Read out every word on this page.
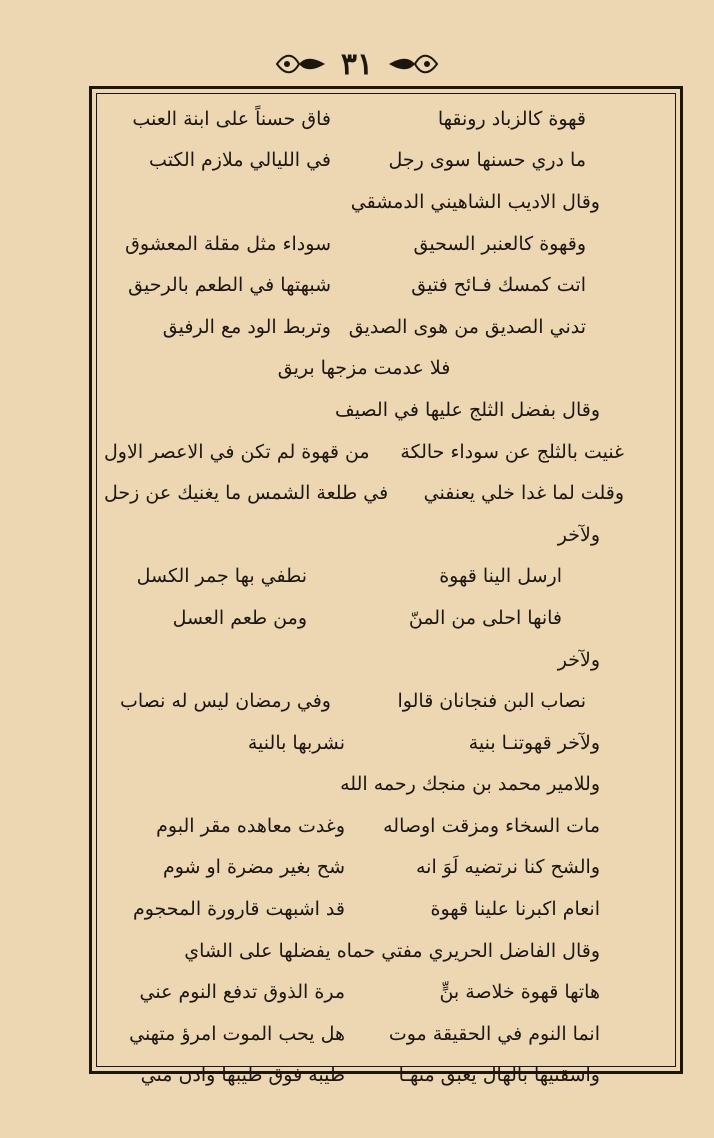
٣١
قهوة كالزباد رونقها
فاق حسناً على ابنة العنب
ما دري حسنها سوى رجل
في الليالي ملازم الكتب
وقال الاديب الشاهيني الدمشقي
وقهوة كالعنبر السحيق
سوداء مثل مقلة المعشوق
اتت كمسك فـائح فتيق
شبهتها في الطعم بالرحيق
تدني الصديق من هوى الصديق
وتربط الود مع الرفيق
فلا عدمت مزجها بريق
وقال بفضل الثلج عليها في الصيف
غنيت بالثلج عن سوداء حالكة
من قهوة لم تكن في الاعصر الاول
وقلت لما غدا خلي يعنفني
في طلعة الشمس ما يغنيك عن زحل
ولآخر
ارسل الينا قهوة
نطفي بها جمر الكسل
فانها احلى من المنّ
ومن طعم العسل
ولآخر
نصاب البن فنجانان قالوا
وفي رمضان ليس له نصاب
ولآخر قهوتنـا بنية
نشربها بالنية
وللامير محمد بن منجك رحمه الله
مات السخاء ومزقت اوصاله
وغدت معاهده مقر البوم
والشح كنا نرتضيه لَوَ انه
شح بغير مضرة او شوم
انعام اكبرنا علينا قهوة
قد اشبهت قارورة المحجوم
وقال الفاضل الحريري مفتي حماه يفضلها على الشاي
هاتها قهوة خلاصة بنٍّ
مرة الذوق تدفع النوم عني
انما النوم في الحقيقة موت
هل يحب الموت امرؤ متهني
واسقنيها بالهال يعبق منهـا
طيبه فوق طيبها وادن مني
